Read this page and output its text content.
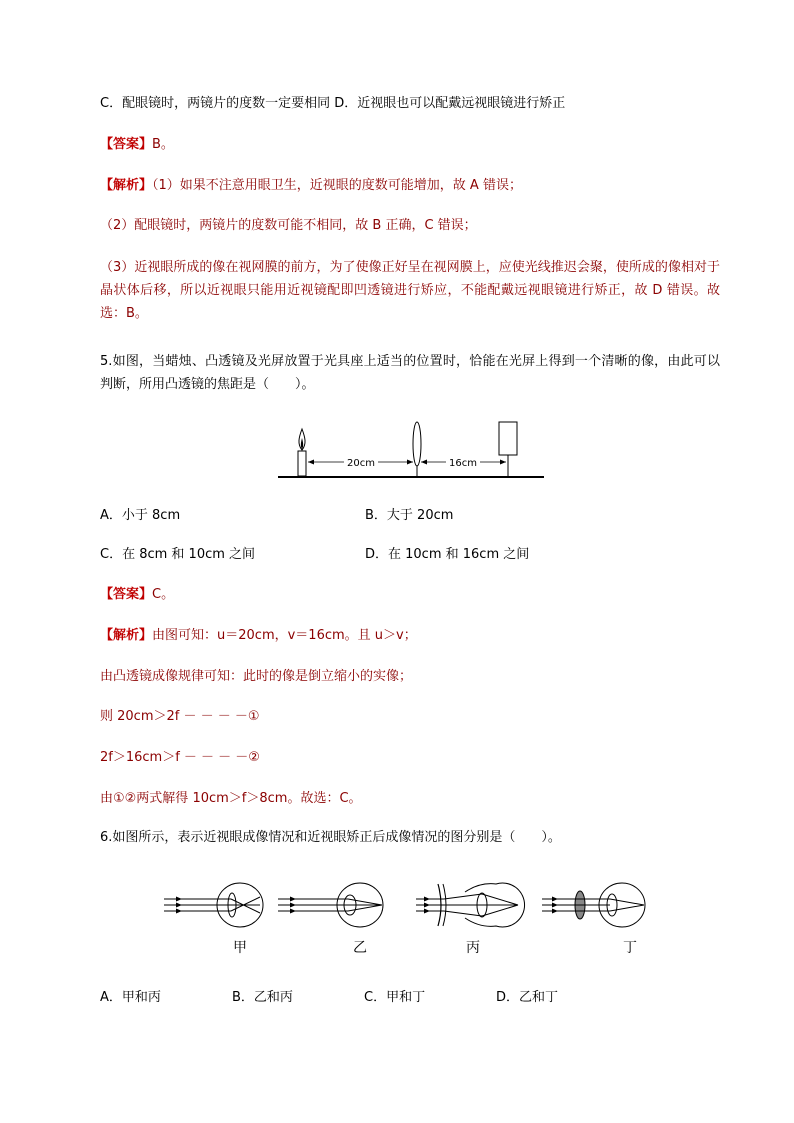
C．配眼镜时，两镜片的度数一定要相同 D．近视眼也可以配戴远视眼镜进行矫正
【答案】B。
【解析】（1）如果不注意用眼卫生，近视眼的度数可能增加，故 A 错误；
（2）配眼镜时，两镜片的度数可能不相同，故 B 正确，C 错误；
（3）近视眼所成的像在视网膜的前方，为了使像正好呈在视网膜上，应使光线推迟会聚，使所成的像相对于晶状体后移，所以近视眼只能用近视镜配即凹透镜进行矫应，不能配戴远视眼镜进行矫正，故 D 错误。故选：B。
5.如图，当蜡烛、凸透镜及光屏放置于光具座上适当的位置时，恰能在光屏上得到一个清晰的像，由此可以判断，所用凸透镜的焦距是（　　）。
20cm	16cm
A．小于 8cm	B．大于 20cm
C．在 8cm 和 10cm 之间	D．在 10cm 和 16cm 之间
【答案】C。
【解析】由图可知：u＝20cm，v＝16cm。且 u＞v；
由凸透镜成像规律可知：此时的像是倒立缩小的实像；
则 20cm＞2f － － － －①
2f＞16cm＞f － － － －②
由①②两式解得 10cm＞f＞8cm。故选：C。
6.如图所示，表示近视眼成像情况和近视眼矫正后成像情况的图分别是（　　）。
甲	乙	丙	丁
A．甲和丙	B．乙和丙	C．甲和丁	D．乙和丁
